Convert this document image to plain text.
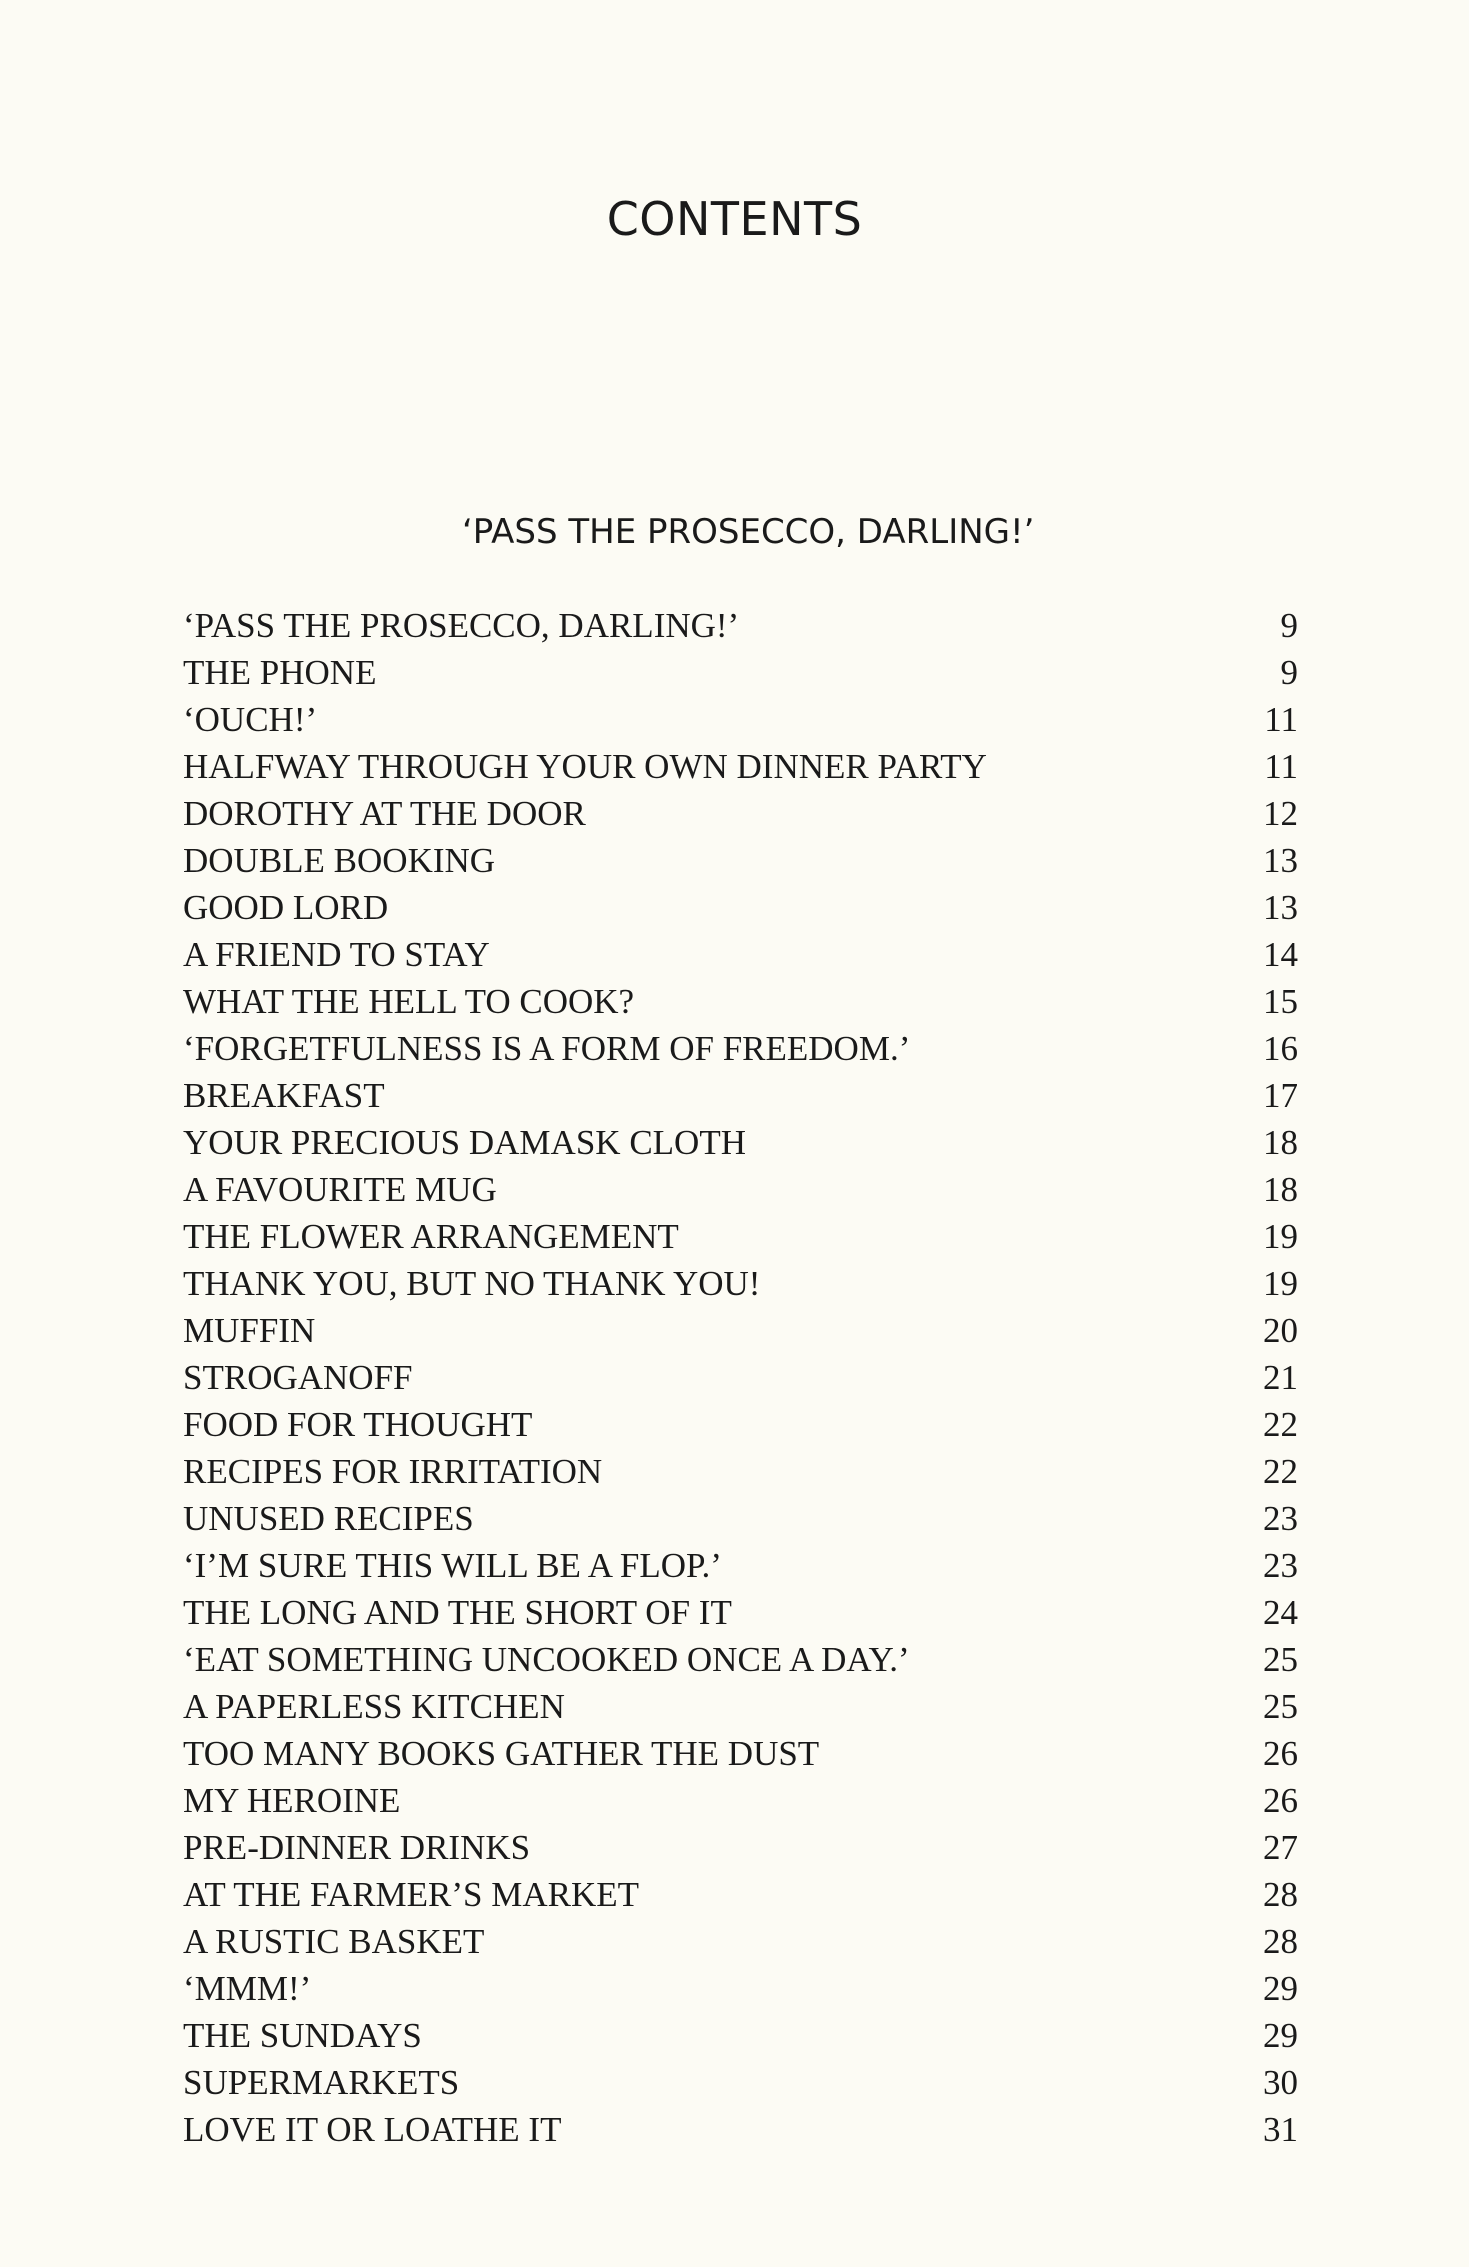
CONTENTS
‘PASS THE PROSECCO, DARLING!’
‘PASS THE PROSECCO, DARLING!’	9
THE PHONE	9
‘OUCH!’	11
HALFWAY THROUGH YOUR OWN DINNER PARTY	11
DOROTHY AT THE DOOR	12
DOUBLE BOOKING	13
GOOD LORD	13
A FRIEND TO STAY	14
WHAT THE HELL TO COOK?	15
‘FORGETFULNESS IS A FORM OF FREEDOM.’	16
BREAKFAST	17
YOUR PRECIOUS DAMASK CLOTH	18
A FAVOURITE MUG	18
THE FLOWER ARRANGEMENT	19
THANK YOU, BUT NO THANK YOU!	19
MUFFIN	20
STROGANOFF	21
FOOD FOR THOUGHT	22
RECIPES FOR IRRITATION	22
UNUSED RECIPES	23
‘I’M SURE THIS WILL BE A FLOP.’	23
THE LONG AND THE SHORT OF IT	24
‘EAT SOMETHING UNCOOKED ONCE A DAY.’	25
A PAPERLESS KITCHEN	25
TOO MANY BOOKS GATHER THE DUST	26
MY HEROINE	26
PRE-DINNER DRINKS	27
AT THE FARMER’S MARKET	28
A RUSTIC BASKET	28
‘MMM!’	29
THE SUNDAYS	29
SUPERMARKETS	30
LOVE IT OR LOATHE IT	31
